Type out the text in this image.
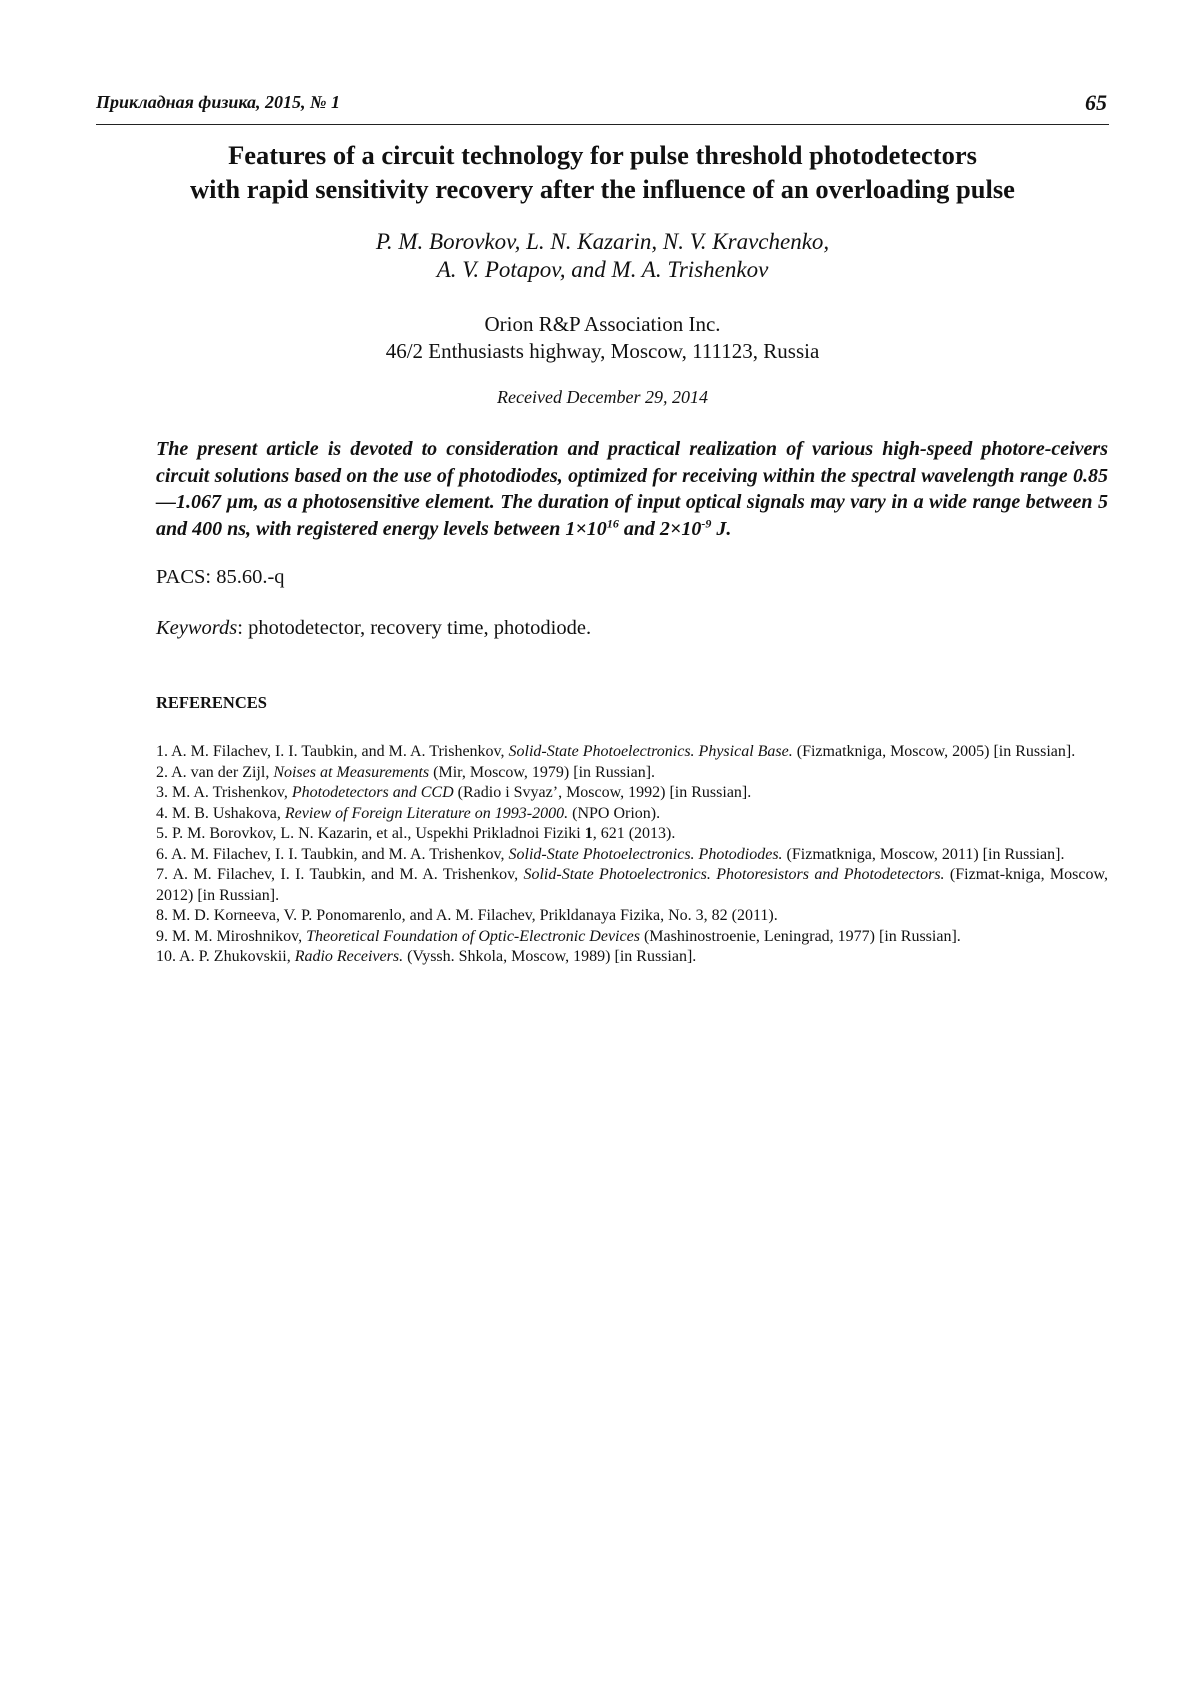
Прикладная физика, 2015, № 1	65
Features of a circuit technology for pulse threshold photodetectors
with rapid sensitivity recovery after the influence of an overloading pulse
P. M. Borovkov, L. N. Kazarin, N. V. Kravchenko,
A. V. Potapov, and M. A. Trishenkov
Orion R&P Association Inc.
46/2 Enthusiasts highway, Moscow, 111123, Russia
Received December 29, 2014
The present article is devoted to consideration and practical realization of various high-speed photore-ceivers circuit solutions based on the use of photodiodes, optimized for receiving within the spectral wavelength range 0.85—1.067 µm, as a photosensitive element. The duration of input optical signals may vary in a wide range between 5 and 400 ns, with registered energy levels between $1\times 10^{16}$ and $2\times 10^{-9}$ J.
PACS: 85.60.-q
Keywords: photodetector, recovery time, photodiode.
REFERENCES

1. A. M. Filachev, I. I. Taubkin, and M. A. Trishenkov, Solid-State Photoelectronics. Physical Base. (Fizmatkniga, Moscow, 2005) [in Russian].

2. A. van der Zijl, Noises at Measurements (Mir, Moscow, 1979) [in Russian].

3. M. A. Trishenkov, Photodetectors and CCD (Radio i Svyaz’, Moscow, 1992) [in Russian].

4. M. B. Ushakova, Review of Foreign Literature on 1993-2000. (NPO Orion).

5. P. M. Borovkov, L. N. Kazarin, et al., Uspekhi Prikladnoi Fiziki 1, 621 (2013).

6. A. M. Filachev, I. I. Taubkin, and M. A. Trishenkov, Solid-State Photoelectronics. Photodiodes. (Fizmatkniga, Moscow, 2011) [in Russian].

7. A. M. Filachev, I. I. Taubkin, and M. A. Trishenkov, Solid-State Photoelectronics. Photoresistors and Photodetectors. (Fizmat-kniga, Moscow, 2012) [in Russian].

8. M. D. Korneeva, V. P. Ponomarenlo, and A. M. Filachev, Prikldanaya Fizika, No. 3, 82 (2011).

9. M. M. Miroshnikov, Theoretical Foundation of Optic-Electronic Devices (Mashinostroenie, Leningrad, 1977) [in Russian].

10. A. P. Zhukovskii, Radio Receivers. (Vyssh. Shkola, Moscow, 1989) [in Russian].
